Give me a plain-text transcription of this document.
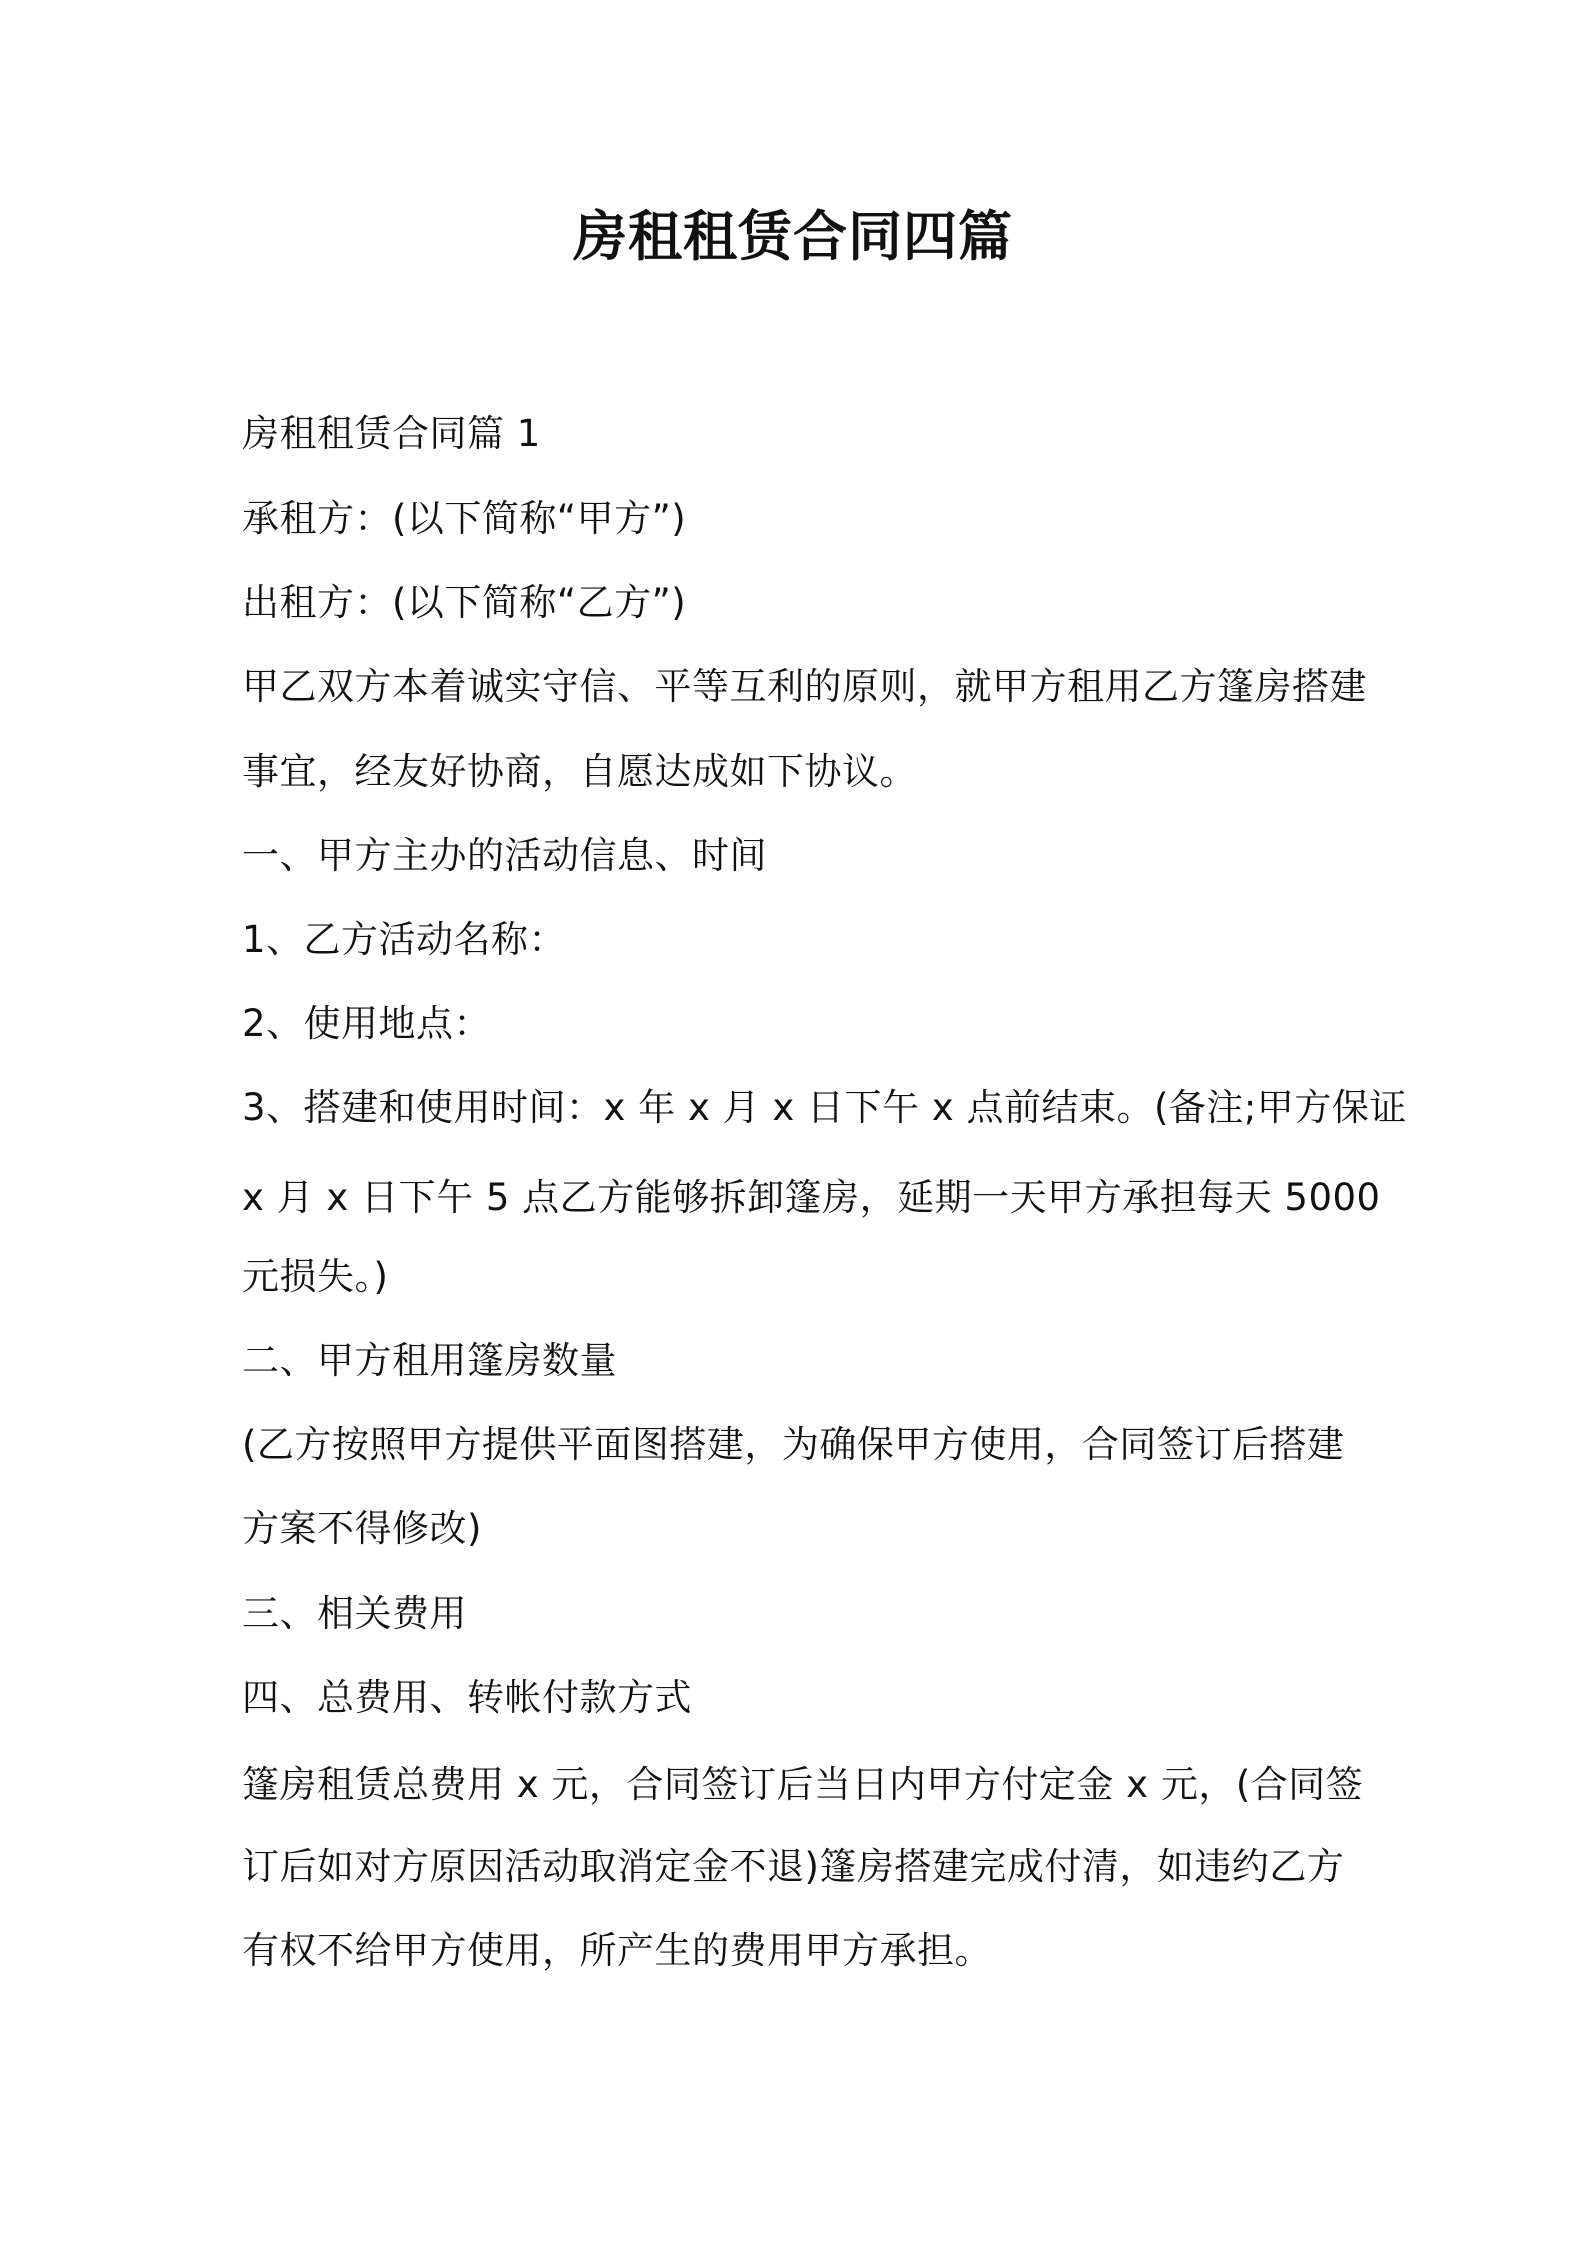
房租租赁合同四篇
房租租赁合同篇 1
承租方：(以下简称“甲方”)
出租方：(以下简称“乙方”)
甲乙双方本着诚实守信、平等互利的原则，就甲方租用乙方篷房搭建
事宜，经友好协商，自愿达成如下协议。
一、甲方主办的活动信息、时间
1、乙方活动名称：
2、使用地点：
3、搭建和使用时间：x 年 x 月 x 日下午 x 点前结束。(备注;甲方保证
x 月 x 日下午 5 点乙方能够拆卸篷房，延期一天甲方承担每天 5000
元损失。)
二、甲方租用篷房数量
(乙方按照甲方提供平面图搭建，为确保甲方使用，合同签订后搭建
方案不得修改)
三、相关费用
四、总费用、转帐付款方式
篷房租赁总费用 x 元，合同签订后当日内甲方付定金 x 元，(合同签
订后如对方原因活动取消定金不退)篷房搭建完成付清，如违约乙方
有权不给甲方使用，所产生的费用甲方承担。
